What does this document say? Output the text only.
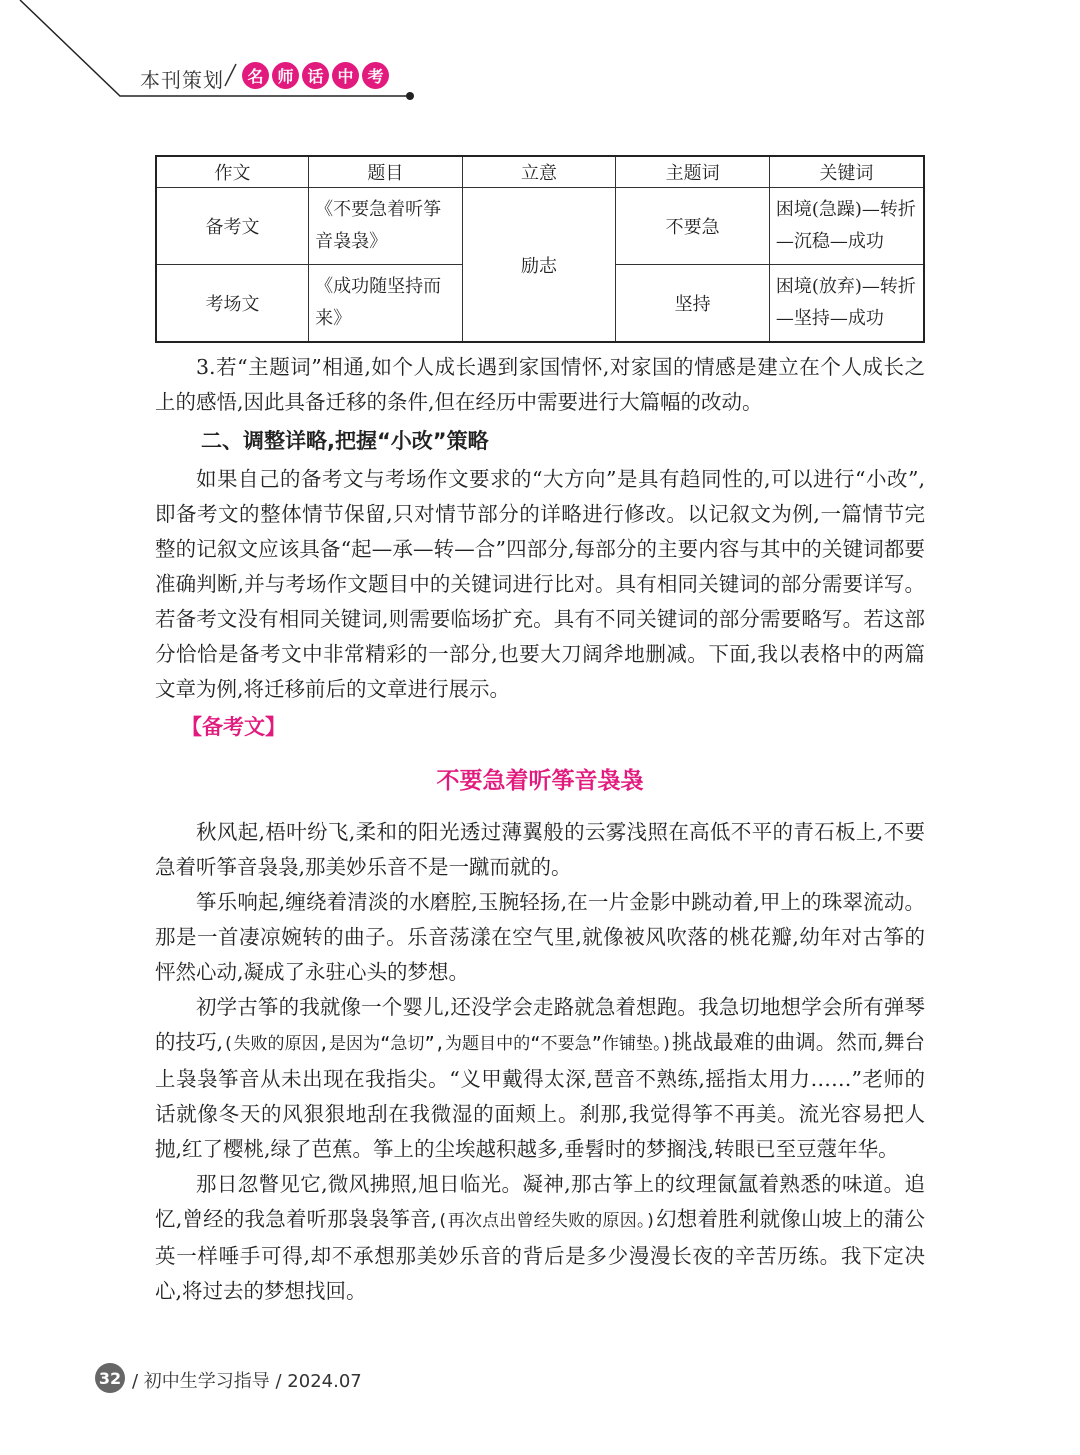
本刊策划	名 师 话 中 考
作文	题目	立意	主题词	关键词
备考文	《不要急着听筝音袅袅》	励志	不要急	困境(急躁)—转折—沉稳—成功
考场文	《成功随坚持而来》		坚持	困境(放弃)—转折—坚持—成功

3.若“主题词”相通,如个人成长遇到家国情怀,对家国的情感是建立在个人成长之上的感悟,因此具备迁移的条件,但在经历中需要进行大篇幅的改动。

二、调整详略,把握“小改”策略

如果自己的备考文与考场作文要求的“大方向”是具有趋同性的,可以进行“小改”,即备考文的整体情节保留,只对情节部分的详略进行修改。以记叙文为例,一篇情节完整的记叙文应该具备“起—承—转—合”四部分,每部分的主要内容与其中的关键词都要准确判断,并与考场作文题目中的关键词进行比对。具有相同关键词的部分需要详写。若备考文没有相同关键词,则需要临场扩充。具有不同关键词的部分需要略写。若这部分恰恰是备考文中非常精彩的一部分,也要大刀阔斧地删减。下面,我以表格中的两篇文章为例,将迁移前后的文章进行展示。

【备考文】
不要急着听筝音袅袅

秋风起,梧叶纷飞,柔和的阳光透过薄翼般的云雾浅照在高低不平的青石板上,不要急着听筝音袅袅,那美妙乐音不是一蹴而就的。

筝乐响起,缠绕着清淡的水磨腔,玉腕轻扬,在一片金影中跳动着,甲上的珠翠流动。那是一首凄凉婉转的曲子。乐音荡漾在空气里,就像被风吹落的桃花瓣,幼年对古筝的怦然心动,凝成了永驻心头的梦想。

初学古筝的我就像一个婴儿,还没学会走路就急着想跑。我急切地想学会所有弹琴的技巧,(失败的原因,是因为“急切”,为题目中的“不要急”作铺垫。)挑战最难的曲调。然而,舞台上袅袅筝音从未出现在我指尖。“义甲戴得太深,琶音不熟练,摇指太用力……”老师的话就像冬天的风狠狠地刮在我微湿的面颊上。刹那,我觉得筝不再美。流光容易把人抛,红了樱桃,绿了芭蕉。筝上的尘埃越积越多,垂髫时的梦搁浅,转眼已至豆蔻年华。

那日忽瞥见它,微风拂照,旭日临光。凝神,那古筝上的纹理氤氲着熟悉的味道。追忆,曾经的我急着听那袅袅筝音,(再次点出曾经失败的原因。)幻想着胜利就像山坡上的蒲公英一样唾手可得,却不承想那美妙乐音的背后是多少漫漫长夜的辛苦历练。我下定决心,将过去的梦想找回。

32 / 初中生学习指导 / 2024.07
